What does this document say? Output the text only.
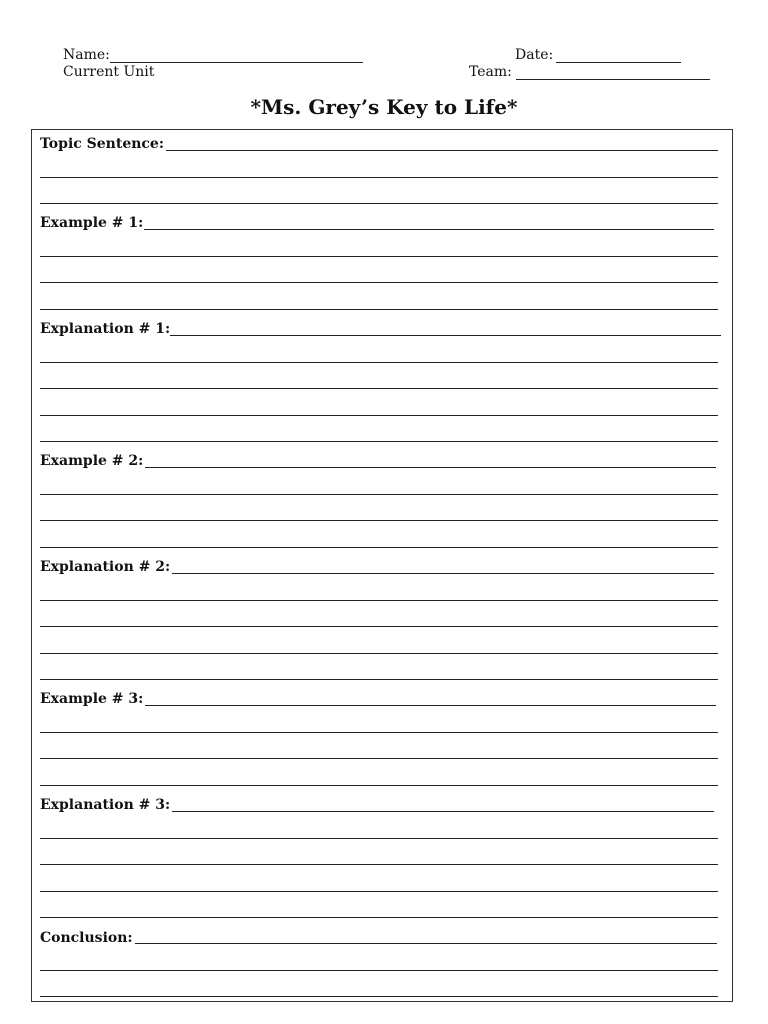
Name:
Current Unit
Date:
Team:
*Ms. Grey’s Key to Life*
Topic Sentence:
Example # 1:
Explanation # 1:
Example # 2:
Explanation # 2:
Example # 3:
Explanation # 3:
Conclusion:
